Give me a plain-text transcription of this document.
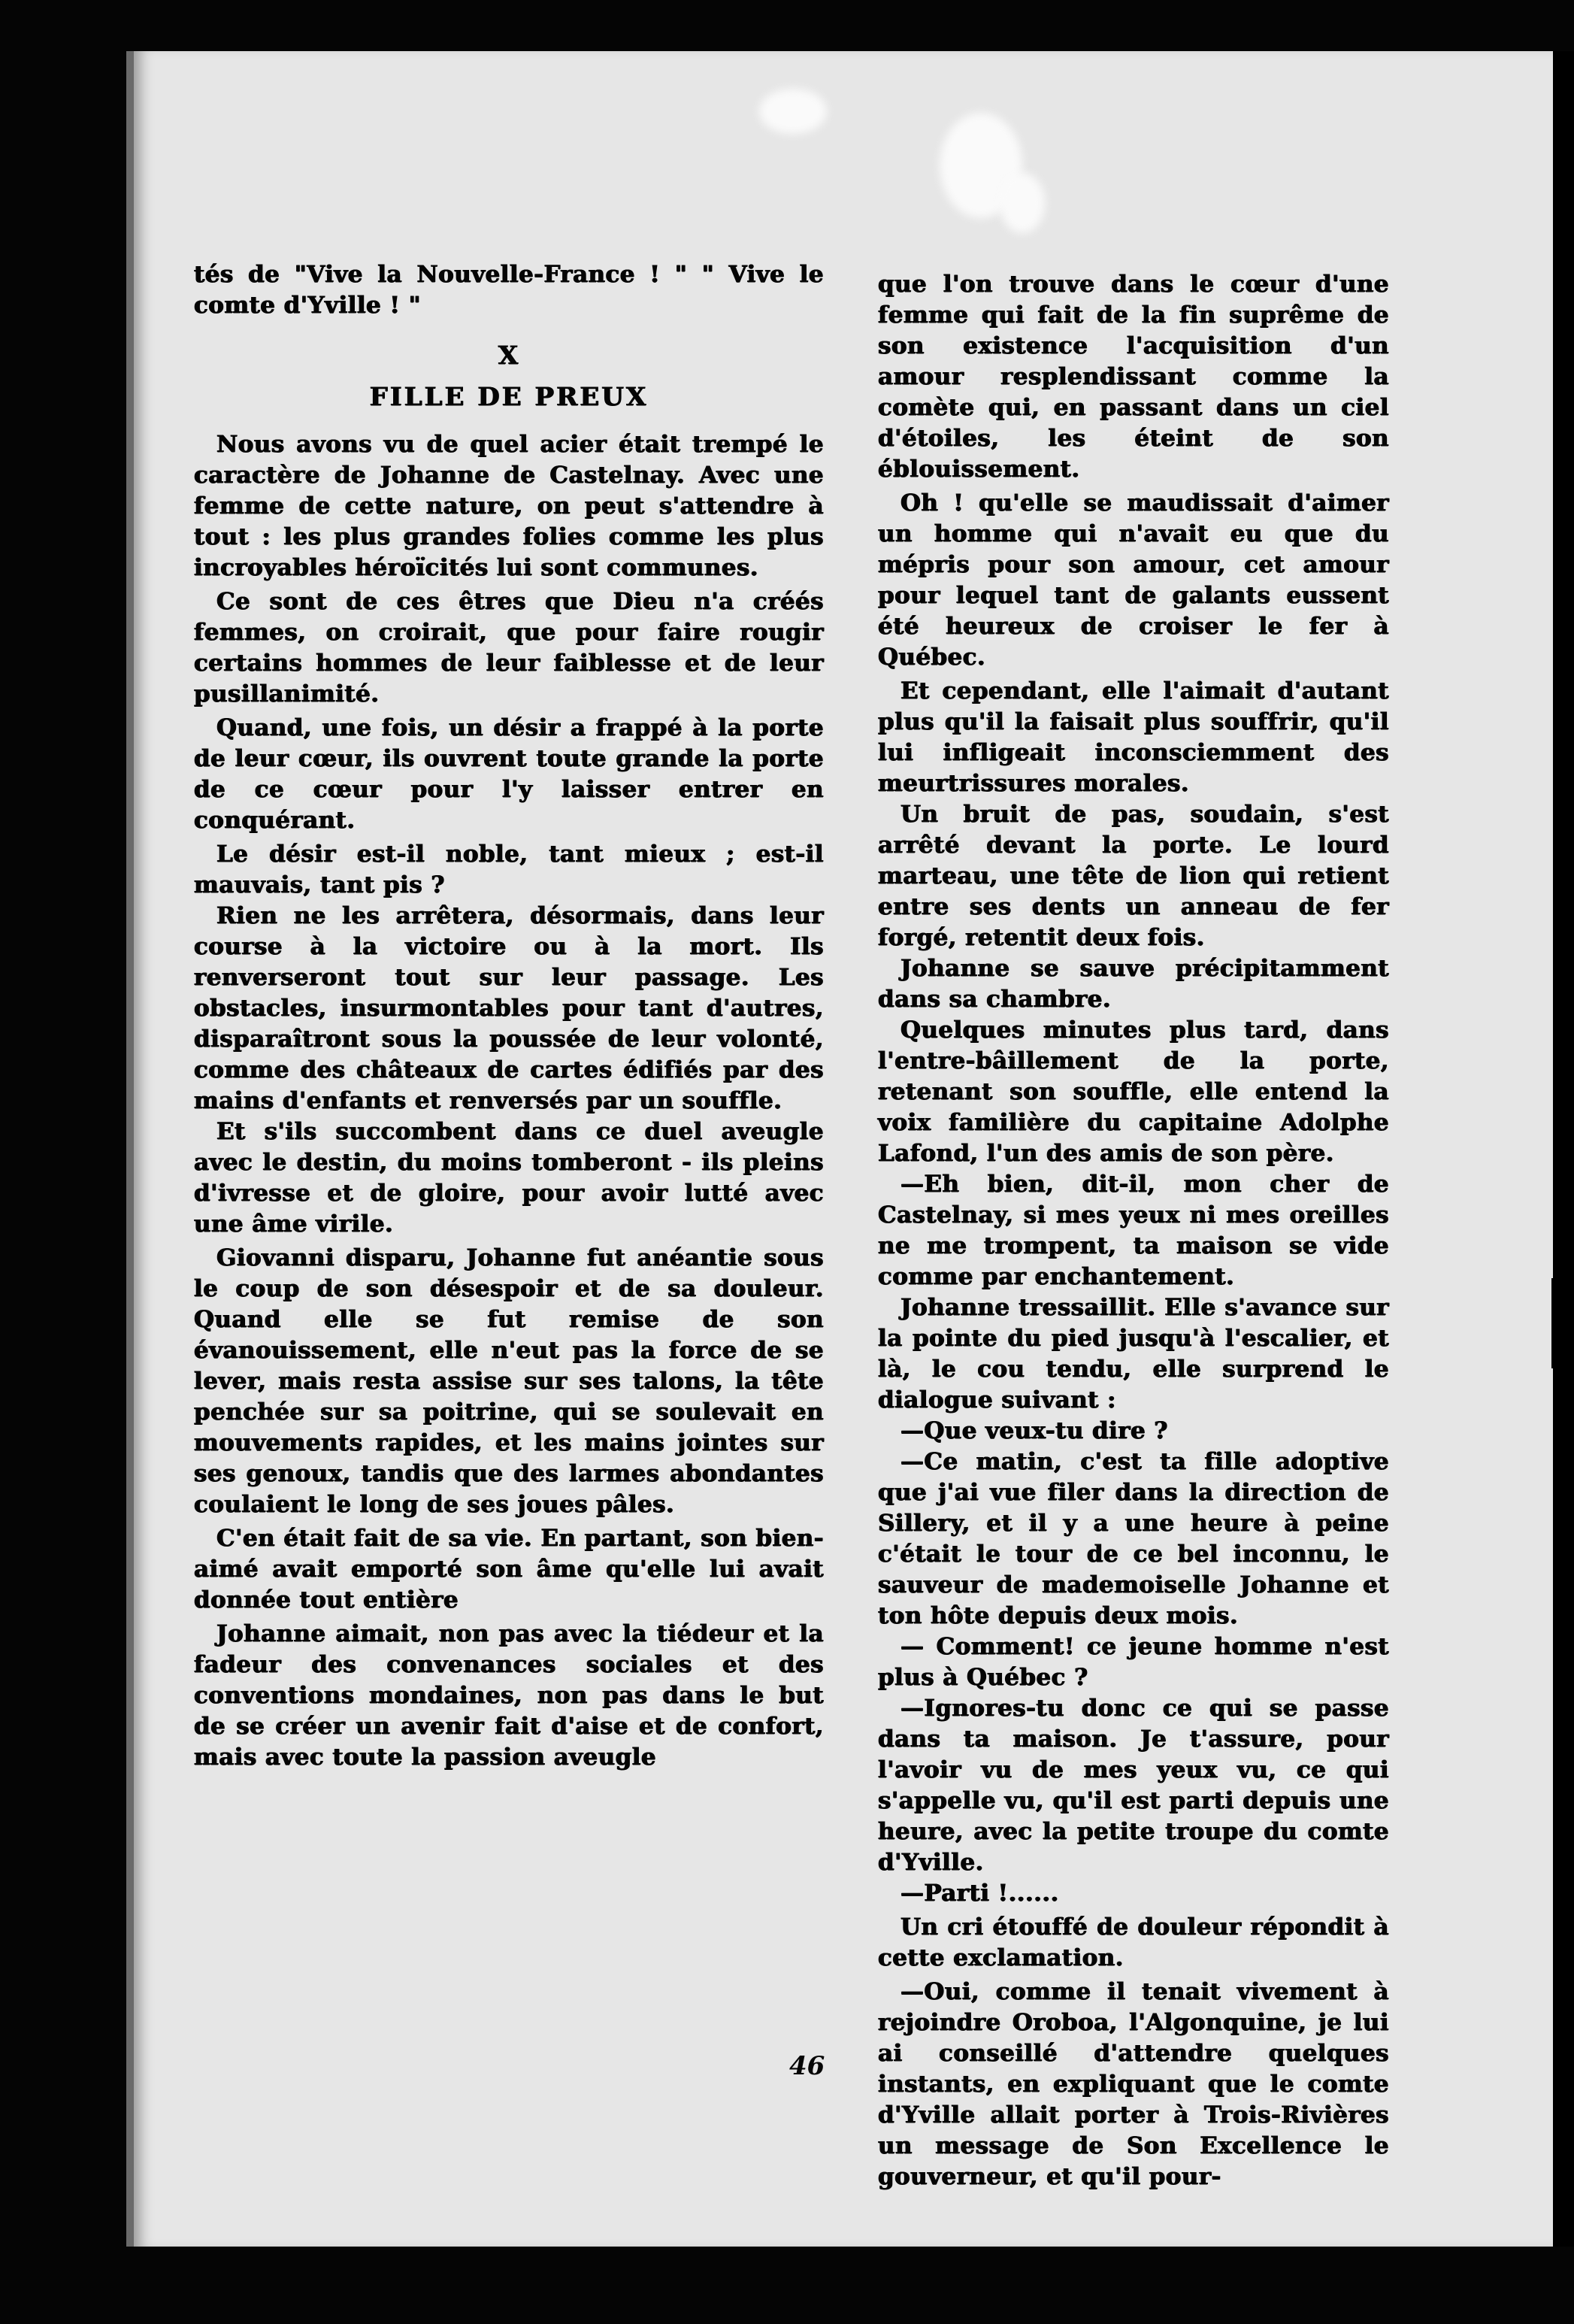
tés de "Vive la Nouvelle-France ! " " Vive le comte d'Yville ! "

X
FILLE DE PREUX

Nous avons vu de quel acier était trempé le caractère de Johanne de Castelnay. Avec une femme de cette nature, on peut s'attendre à tout : les plus grandes folies comme les plus incroyables héroïcités lui sont communes.

Ce sont de ces êtres que Dieu n'a créés femmes, on croirait, que pour faire rougir certains hommes de leur faiblesse et de leur pusillanimité.

Quand, une fois, un désir a frappé à la porte de leur cœur, ils ouvrent toute grande la porte de ce cœur pour l'y laisser entrer en conquérant.

Le désir est-il noble, tant mieux ; est-il mauvais, tant pis ?

Rien ne les arrêtera, désormais, dans leur course à la victoire ou à la mort. Ils renverseront tout sur leur passage. Les obstacles, insurmontables pour tant d'autres, disparaîtront sous la poussée de leur volonté, comme des châteaux de cartes édifiés par des mains d'enfants et renversés par un souffle.

Et s'ils succombent dans ce duel aveugle avec le destin, du moins tomberont - ils pleins d'ivresse et de gloire, pour avoir lutté avec une âme virile.

Giovanni disparu, Johanne fut anéantie sous le coup de son désespoir et de sa douleur. Quand elle se fut remise de son évanouissement, elle n'eut pas la force de se lever, mais resta assise sur ses talons, la tête penchée sur sa poitrine, qui se soulevait en mouvements rapides, et les mains jointes sur ses genoux, tandis que des larmes abondantes coulaient le long de ses joues pâles.

C'en était fait de sa vie. En partant, son bien-aimé avait emporté son âme qu'elle lui avait donnée tout entière

Johanne aimait, non pas avec la tiédeur et la fadeur des convenances sociales et des conventions mondaines, non pas dans le but de se créer un avenir fait d'aise et de confort, mais avec toute la passion aveugle

que l'on trouve dans le cœur d'une femme qui fait de la fin suprême de son existence l'acquisition d'un amour resplendissant comme la comète qui, en passant dans un ciel d'étoiles, les éteint de son éblouissement.

Oh ! qu'elle se maudissait d'aimer un homme qui n'avait eu que du mépris pour son amour, cet amour pour lequel tant de galants eussent été heureux de croiser le fer à Québec.

Et cependant, elle l'aimait d'autant plus qu'il la faisait plus souffrir, qu'il lui infligeait inconsciemment des meurtrissures morales.

Un bruit de pas, soudain, s'est arrêté devant la porte. Le lourd marteau, une tête de lion qui retient entre ses dents un anneau de fer forgé, retentit deux fois.

Johanne se sauve précipitamment dans sa chambre.

Quelques minutes plus tard, dans l'entre-bâillement de la porte, retenant son souffle, elle entend la voix familière du capitaine Adolphe Lafond, l'un des amis de son père.

—Eh bien, dit-il, mon cher de Castelnay, si mes yeux ni mes oreilles ne me trompent, ta maison se vide comme par enchantement.

Johanne tressaillit. Elle s'avance sur la pointe du pied jusqu'à l'escalier, et là, le cou tendu, elle surprend le dialogue suivant :

—Que veux-tu dire ?

—Ce matin, c'est ta fille adoptive que j'ai vue filer dans la direction de Sillery, et il y a une heure à peine c'était le tour de ce bel inconnu, le sauveur de mademoiselle Johanne et ton hôte depuis deux mois.

— Comment! ce jeune homme n'est plus à Québec ?

—Ignores-tu donc ce qui se passe dans ta maison. Je t'assure, pour l'avoir vu de mes yeux vu, ce qui s'appelle vu, qu'il est parti depuis une heure, avec la petite troupe du comte d'Yville.

—Parti !......

Un cri étouffé de douleur répondit à cette exclamation.

—Oui, comme il tenait vivement à rejoindre Oroboa, l'Algonquine, je lui ai conseillé d'attendre quelques instants, en expliquant que le comte d'Yville allait porter à Trois-Rivières un message de Son Excellence le gouverneur, et qu'il pour-

46
